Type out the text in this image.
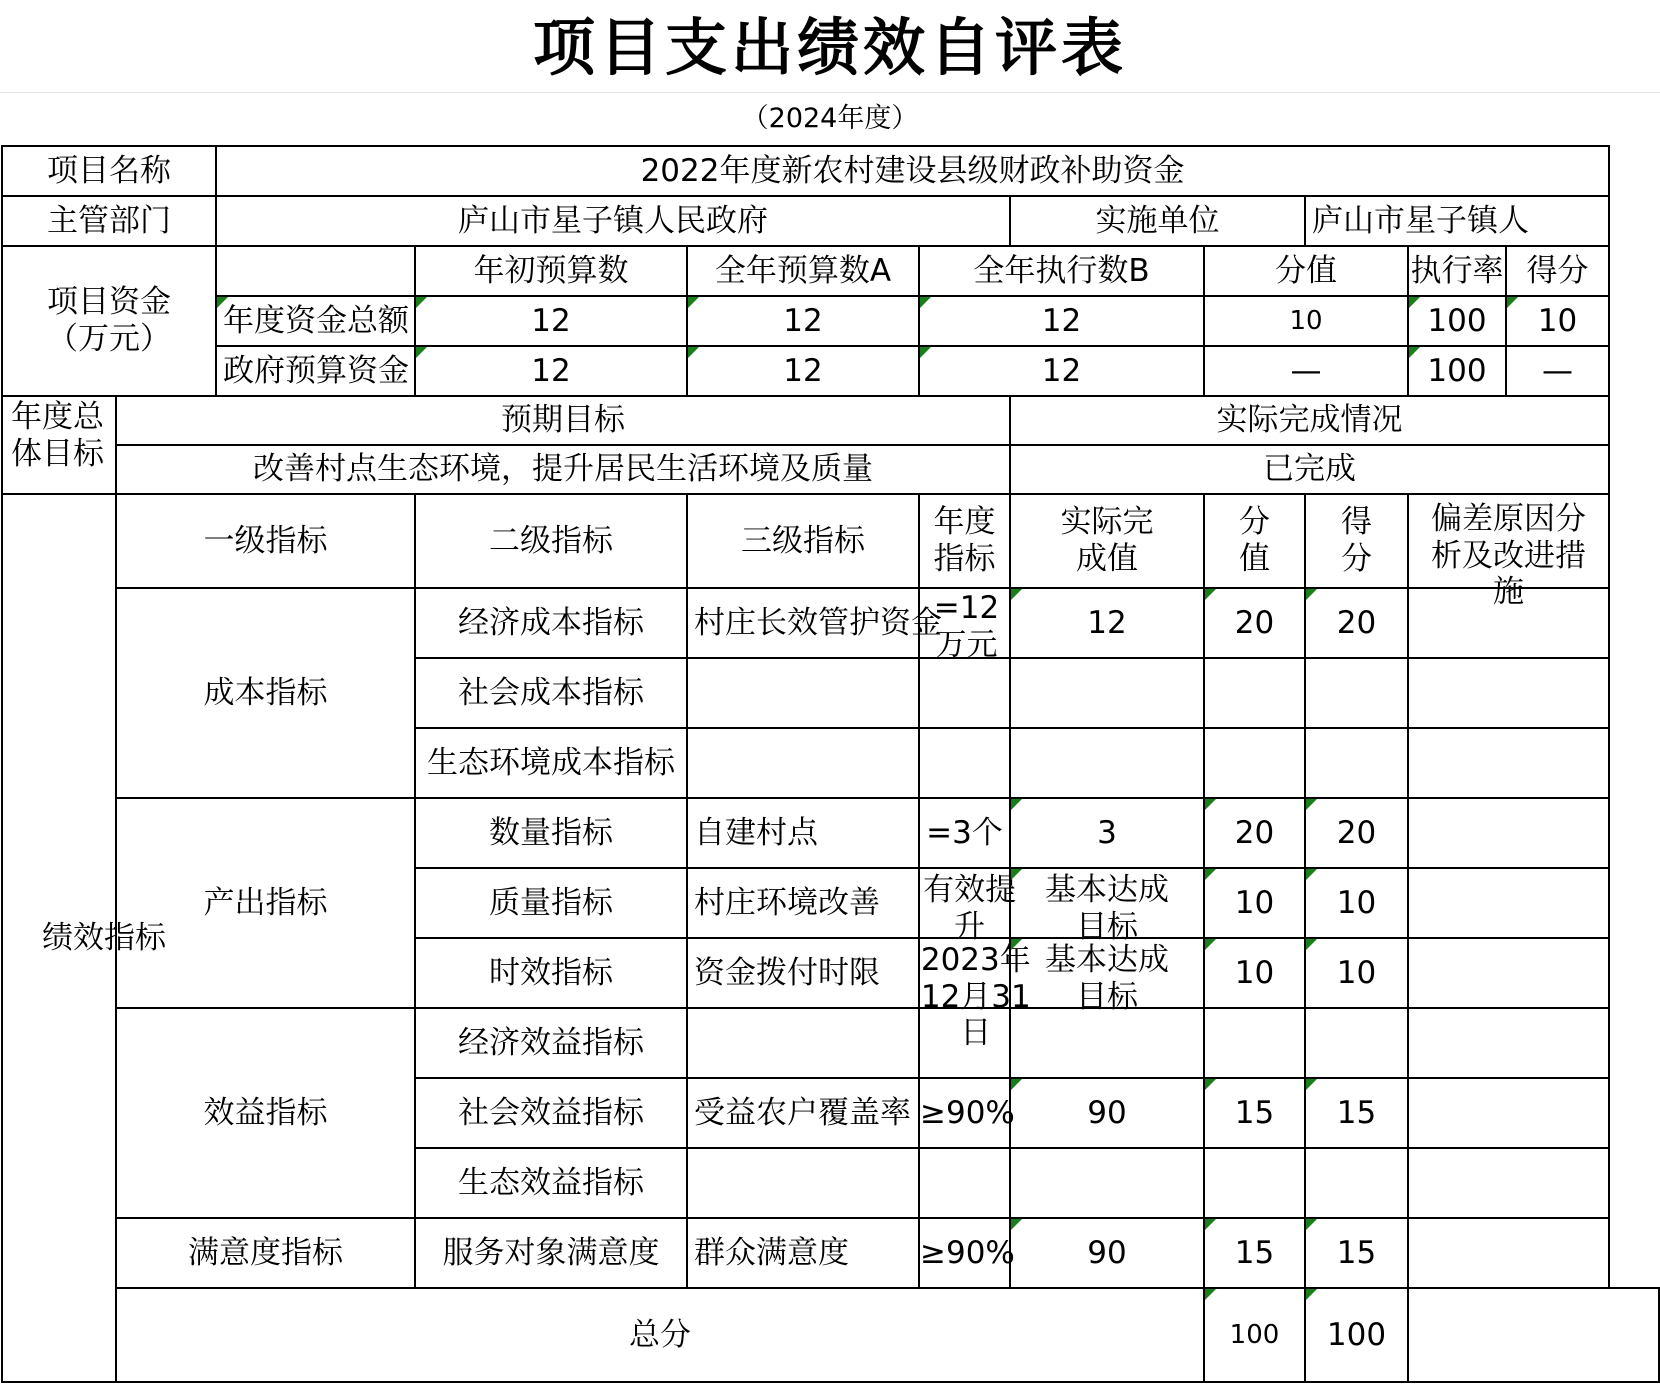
项目支出绩效自评表
（2024年度）
项目名称		2022年度新农村建设县级财政补助资金								
主管部门		庐山市星子镇人民政府				实施单位		庐山市星子镇人		

项目资金
（万元）			年初预算数	全年预算数A	全年执行数B		分值		执行率	得分
		年度资金总额	12	12	12		10		100	10
		政府预算资金	12	12	12		—		100	—

年度总体目标	预期目标					实际完成情况				
	改善村点生态环境，提升居民生活环境及质量					已完成				

绩效指标	一级指标		二级指标	三级指标	年度指标	实际完成值	分值	得分	偏差原因分析及改进措施	

	成本指标		经济成本指标	村庄长效管护资金	=12万元	12	20	20		
			社会成本指标							
			生态环境成本指标							
	产出指标		数量指标	自建村点	=3个	3	20	20		
			质量指标	村庄环境改善	有效提升	基本达成目标	10	10		
			时效指标	资金拨付时限	2023年12月31日	基本达成目标	10	10		
	效益指标		经济效益指标							
			社会效益指标	受益农户覆盖率	≥90%	90	15	15		
			生态效益指标							
	满意度指标		服务对象满意度	群众满意度	≥90%	90	15	15		
	总分						100	100		
